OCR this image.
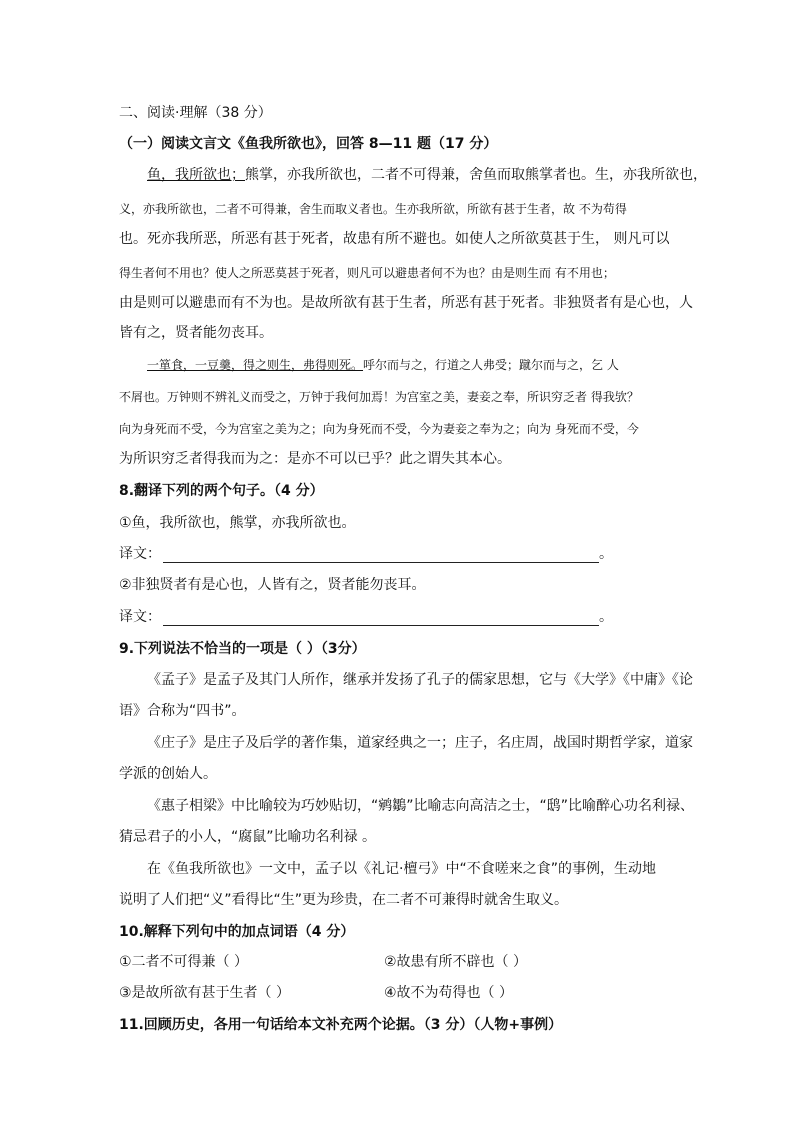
二、阅读·理解（38 分）
（一）阅读文言文《鱼我所欲也》，回答 8—11 题（17 分）
鱼，我所欲也；熊掌，亦我所欲也，二者不可得兼，舍鱼而取熊掌者也。生，亦我所欲也，
义，亦我所欲也，二者不可得兼，舍生而取义者也。生亦我所欲，所欲有甚于生者，故 不为苟得
也。死亦我所恶，所恶有甚于死者，故患有所不避也。如使人之所欲莫甚于生， 则凡可以
得生者何不用也？使人之所恶莫甚于死者，则凡可以避患者何不为也？由是则生而 有不用也；
由是则可以避患而有不为也。是故所欲有甚于生者，所恶有甚于死者。非独贤者有是心也，人
皆有之，贤者能勿丧耳。
一箪食，一豆羹，得之则生，弗得则死。呼尔而与之，行道之人弗受；蹴尔而与之，乞 人
不屑也。万钟则不辨礼义而受之，万钟于我何加焉！为宫室之美，妻妾之奉，所识穷乏者 得我欤？
向为身死而不受，今为宫室之美为之；向为身死而不受，今为妻妾之奉为之；向为 身死而不受，今
为所识穷乏者得我而为之：是亦不可以已乎？此之谓失其本心。
8.翻译下列的两个句子。（4 分）
①鱼，我所欲也，熊掌，亦我所欲也。
译文：	。
②非独贤者有是心也，人皆有之，贤者能勿丧耳。
译文：	。
9.下列说法不恰当的一项是（ ）（3分）
《孟子》是孟子及其门人所作，继承并发扬了孔子的儒家思想，它与《大学》《中庸》《论
语》合称为“四书”。
《庄子》是庄子及后学的著作集，道家经典之一；庄子，名庄周，战国时期哲学家，道家
学派的创始人。
《惠子相梁》中比喻较为巧妙贴切，“鹓鶵”比喻志向高洁之士，“鸱”比喻醉心功名利禄、
猜忌君子的小人，“腐鼠”比喻功名利禄 。
在《鱼我所欲也》一文中，孟子以《礼记·檀弓》中“不食嗟来之食”的事例，生动地
说明了人们把“义”看得比“生”更为珍贵，在二者不可兼得时就舍生取义。
10.解释下列句中的加点词语（4 分）
①二者不可得兼（ ）	②故患有所不辟也（ ）
③是故所欲有甚于生者（ ）	④故不为苟得也（ ）
11.回顾历史，各用一句话给本文补充两个论据。（3 分）（人物+事例）
